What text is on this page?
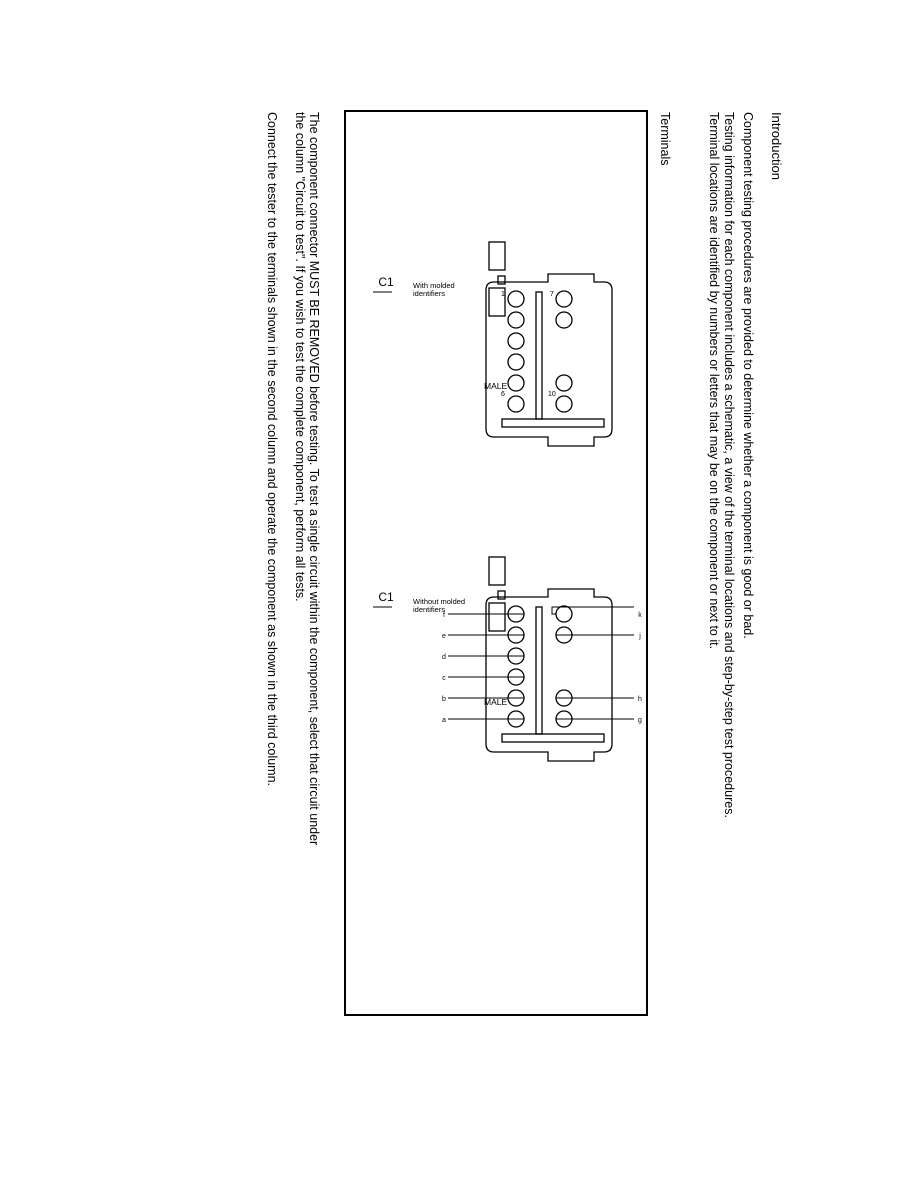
Introduction
Component testing procedures are provided to determine whether a component is good or bad.
Testing information for each component includes a schematic, a view of the terminal locations and step-by-step test procedures.
Terminal locations are identified by numbers or letters that may be on the component or next to it.
Terminals
C1
C1
With molded
identifiers
Without molded
identifiers
MALE
MALE
1
6
7
10
a
b
c
d
e
f
g
h
j
k
The component connector MUST BE REMOVED before testing. To test a single circuit within the component, select that circuit under
the column "Circuit to test". If you wish to test the complete component, perform all tests.
Connect the tester to the terminals shown in the second column and operate the component as shown in the third column.
